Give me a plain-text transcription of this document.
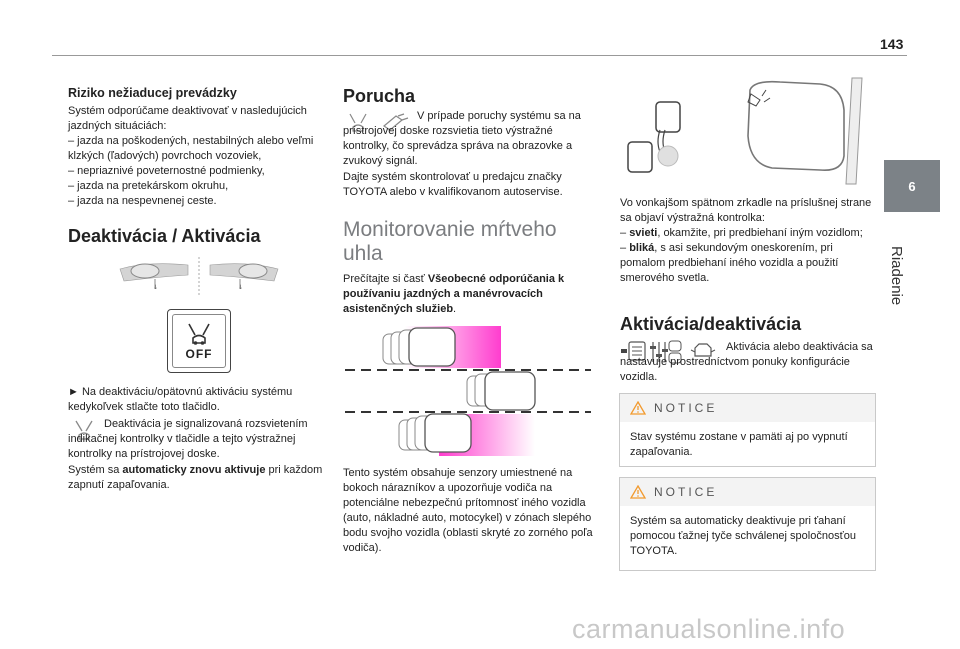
143
6
Riadenie
Riziko nežiaducej prevádzky

Systém odporúčame deaktivovať v nasledujúcich jazdných situáciách:

– jazda na poškodených, nestabilných alebo veľmi klzkých (ľadových) povrchoch vozoviek,

– nepriaznivé poveternostné podmienky,

– jazda na pretekárskom okruhu,

– jazda na nespevnenej ceste.

Deaktivácia / Aktivácia
↓	↓
OFF

► Na deaktiváciu/opätovnú aktiváciu systému kedykoľvek stlačte toto tlačidlo.

Deaktivácia je signalizovaná rozsvietením indikačnej kontrolky v tlačidle a tejto výstražnej kontrolky na prístrojovej doske.
Systém sa automaticky znovu aktivuje pri každom zapnutí zapaľovania.
Porucha
V prípade poruchy systému sa na prístrojovej doske rozsvietia tieto výstražné kontrolky, čo sprevádza správa na obrazovke a zvukový signál.
Dajte systém skontrolovať u predajcu značky TOYOTA alebo v kvalifikovanom autoservise.
Monitorovanie mŕtveho uhla
Prečítajte si časť Všeobecné odporúčania k používaniu jazdných a manévrovacích asistenčných služieb.
Tento systém obsahuje senzory umiestnené na bokoch nárazníkov a upozorňuje vodiča na potenciálne nebezpečnú prítomnosť iného vozidla (auto, nákladné auto, motocykel) v zónach slepého bodu svojho vozidla (oblasti skryté zo zorného poľa vodiča).

Vo vonkajšom spätnom zrkadle na príslušnej strane sa objaví výstražná kontrolka:

– svieti, okamžite, pri predbiehaní iným vozidlom;

– bliká, s asi sekundovým oneskorením, pri pomalom predbiehaní iného vozidla a použití smerového svetla.

Aktivácia/deaktivácia
Aktivácia alebo deaktivácia sa nastavuje prostredníctvom ponuky konfigurácie vozidla.
NOTICE
Stav systému zostane v pamäti aj po vypnutí zapaľovania.
NOTICE
Systém sa automaticky deaktivuje pri ťahaní pomocou ťažnej tyče schválenej spoločnosťou TOYOTA.
carmanualsonline.info
